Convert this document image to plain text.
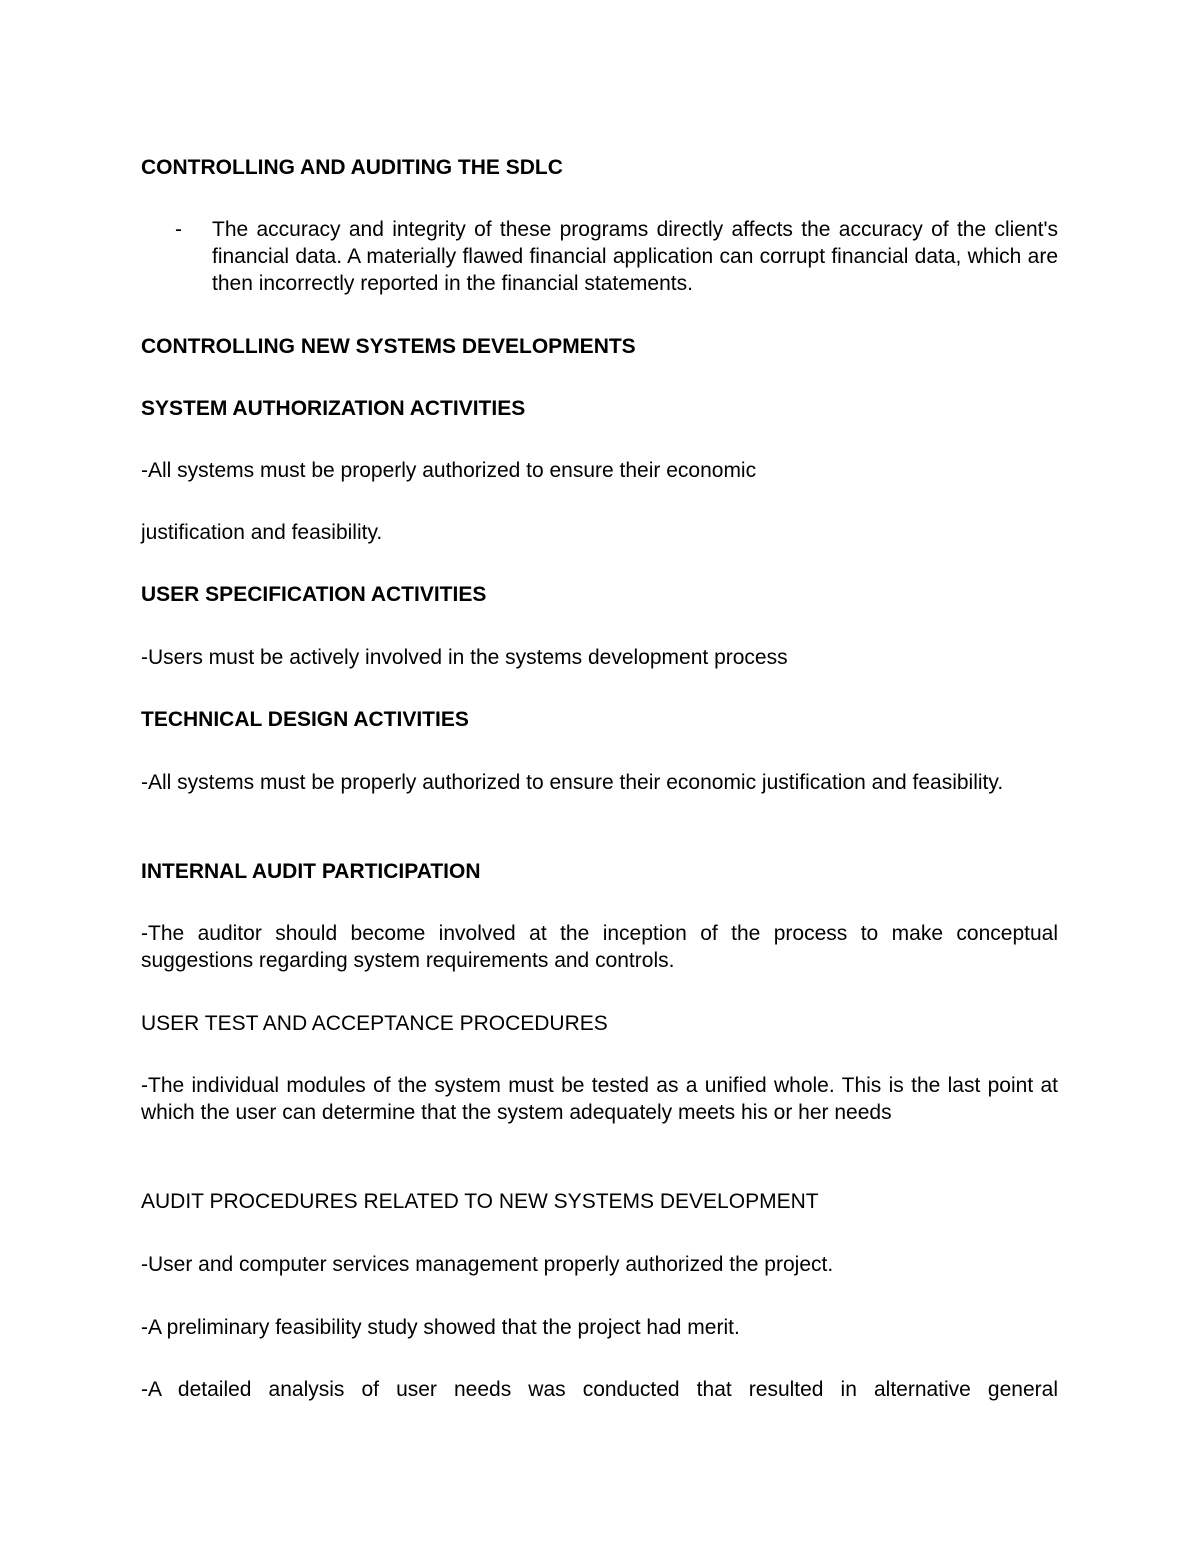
CONTROLLING AND AUDITING THE SDLC

- The accuracy and integrity of these programs directly affects the accuracy of the client's financial data. A materially flawed financial application can corrupt financial data, which are then incorrectly reported in the financial statements.

CONTROLLING NEW SYSTEMS DEVELOPMENTS

SYSTEM AUTHORIZATION ACTIVITIES

-All systems must be properly authorized to ensure their economic

justification and feasibility.

USER SPECIFICATION ACTIVITIES

-Users must be actively involved in the systems development process

TECHNICAL DESIGN ACTIVITIES

-All systems must be properly authorized to ensure their economic justification and feasibility.

INTERNAL AUDIT PARTICIPATION

-The auditor should become involved at the inception of the process to make conceptual suggestions regarding system requirements and controls.

USER TEST AND ACCEPTANCE PROCEDURES

-The individual modules of the system must be tested as a unified whole. This is the last point at which the user can determine that the system adequately meets his or her needs

AUDIT PROCEDURES RELATED TO NEW SYSTEMS DEVELOPMENT

-User and computer services management properly authorized the project.

-A preliminary feasibility study showed that the project had merit.

-A detailed analysis of user needs was conducted that resulted in alternative general
